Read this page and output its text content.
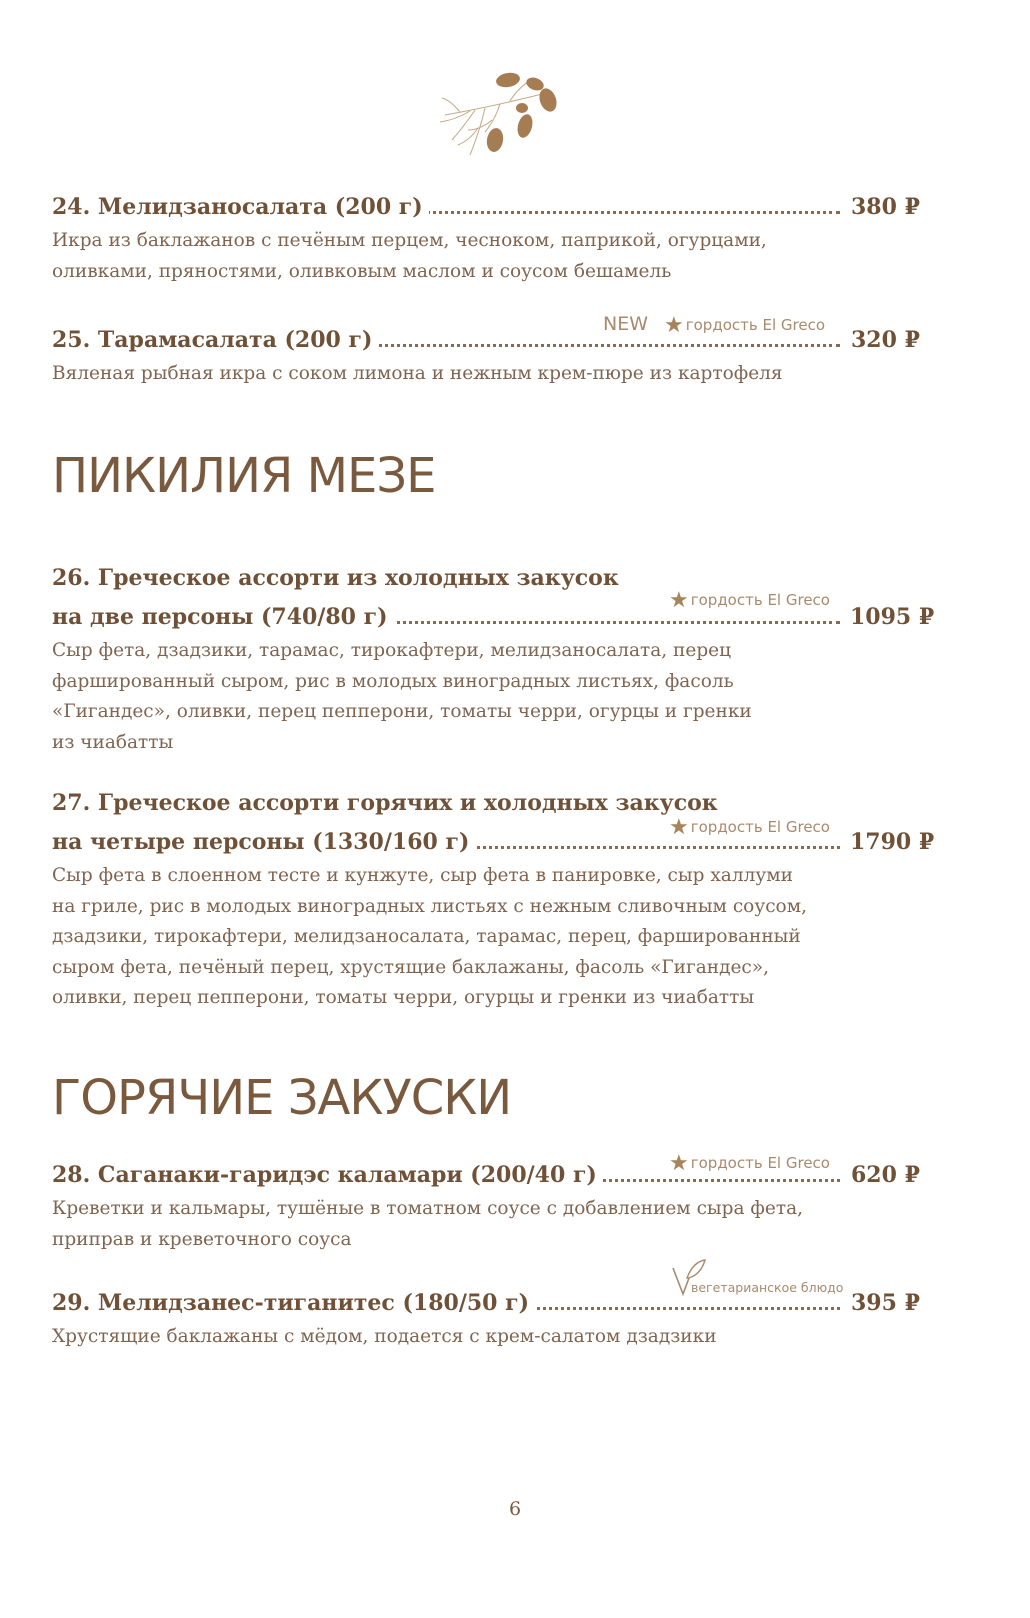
24. Мелидзаносалата (200 г)	380 ₽
Икра из баклажанов с печёным перцем, чесноком, паприкой, огурцами,
оливками, пряностями, оливковым маслом и соусом бешамель
NEW ★ гордость El Greco
25. Тарамасалата (200 г)	320 ₽
Вяленая рыбная икра с соком лимона и нежным крем-пюре из картофеля
ПИКИЛИЯ МЕЗЕ
26. Греческое ассорти из холодных закусок
★ гордость El Greco
на две персоны (740/80 г)	1095 ₽
Сыр фета, дзадзики, тарамас, тирокафтери, мелидзаносалата, перец
фаршированный сыром, рис в молодых виноградных листьях, фасоль
«Гигандес», оливки, перец пепперони, томаты черри, огурцы и гренки
из чиабатты
27. Греческое ассорти горячих и холодных закусок
★ гордость El Greco
на четыре персоны (1330/160 г)	1790 ₽
Сыр фета в слоенном тесте и кунжуте, сыр фета в панировке, сыр халлуми
на гриле, рис в молодых виноградных листьях с нежным сливочным соусом,
дзадзики, тирокафтери, мелидзаносалата, тарамас, перец, фаршированный
сыром фета, печёный перец, хрустящие баклажаны, фасоль «Гигандес»,
оливки, перец пепперони, томаты черри, огурцы и гренки из чиабатты
ГОРЯЧИЕ ЗАКУСКИ
★ гордость El Greco
28. Саганаки-гаридэс каламари (200/40 г)	620 ₽
Креветки и кальмары, тушёные в томатном соусе с добавлением сыра фета,
приправ и креветочного соуса
вегетарианское блюдо
29. Мелидзанес-тиганитес (180/50 г)	395 ₽
Хрустящие баклажаны с мёдом, подается с крем-салатом дзадзики
6
